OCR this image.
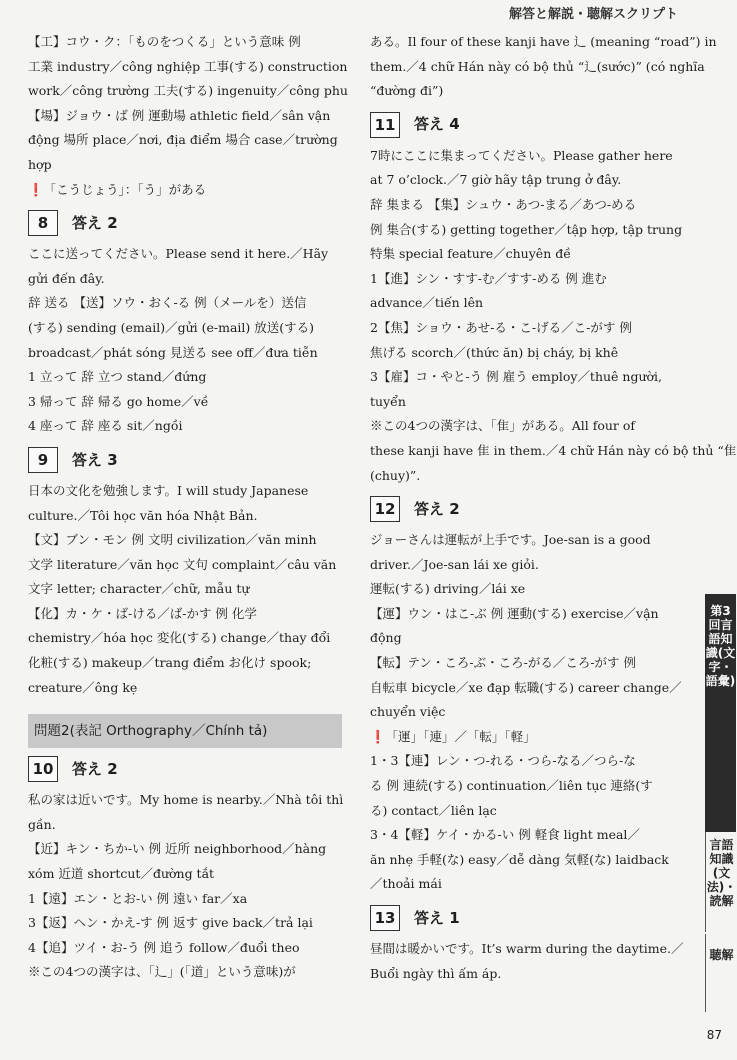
解答と解説・聴解スクリプト
【工】コウ・ク：「ものをつくる」という意味 例
工業 industry／công nghiệp 工事(する) construction
work／công trường 工夫(する) ingenuity／công phu
【場】ジョウ・ば 例 運動場 athletic field／sân vận
động 場所 place／nơi, địa điểm 場合 case／trường
hợp
❗「こうじょう」：「う」がある
8	答え 2
ここに送ってください。Please send it here.／Hãy
gửi đến đây.
辞 送る 【送】ソウ・おく-る 例（メールを）送信
(する) sending (email)／gửi (e-mail) 放送(する)
broadcast／phát sóng 見送る see off／đưa tiễn
1 立って 辞 立つ stand／đứng
3 帰って 辞 帰る go home／về
4 座って 辞 座る sit／ngồi
9	答え 3
日本の文化を勉強します。I will study Japanese
culture.／Tôi học văn hóa Nhật Bản.
【文】ブン・モン 例 文明 civilization／văn minh
文学 literature／văn học 文句 complaint／câu văn
文字 letter; character／chữ, mẫu tự
【化】カ・ケ・ば-ける／ば-かす 例 化学
chemistry／hóa học 変化(する) change／thay đổi
化粧(する) makeup／trang điểm お化け spook;
creature／ông kẹ
問題2(表記 Orthography／Chính tả)
10	答え 2
私の家は近いです。My home is nearby.／Nhà tôi thì
gần.
【近】キン・ちか-い 例 近所 neighborhood／hàng
xóm 近道 shortcut／đường tắt
1【遠】エン・とお-い 例 遠い far／xa
3【返】ヘン・かえ-す 例 返す give back／trả lại
4【追】ツイ・お-う 例 追う follow／đuổi theo
※この4つの漢字は、「辶」(「道」という意味)が
ある。Il four of these kanji have 辶 (meaning “road”) in
them.／4 chữ Hán này có bộ thủ “辶(sước)” (có nghĩa
“đường đi”)
11	答え 4
7時にここに集まってください。Please gather here
at 7 o’clock.／7 giờ hãy tập trung ở đây.
辞 集まる 【集】シュウ・あつ-まる／あつ-める
例 集合(する) getting together／tập hợp, tập trung
特集 special feature／chuyên đề
1【進】シン・すす-む／すす-める 例 進む
advance／tiến lên
2【焦】ショウ・あせ-る・こ-げる／こ-がす 例
焦げる scorch／(thức ăn) bị cháy, bị khê
3【雇】コ・やと-う 例 雇う employ／thuê người,
tuyển
※この4つの漢字は、「隹」がある。All four of
these kanji have 隹 in them.／4 chữ Hán này có bộ thủ “隹
(chuy)”.
12	答え 2
ジョーさんは運転が上手です。Joe-san is a good
driver.／Joe-san lái xe giỏi.
運転(する) driving／lái xe
【運】ウン・はこ-ぶ 例 運動(する) exercise／vận
động
【転】テン・ころ-ぶ・ころ-がる／ころ-がす 例
自転車 bicycle／xe đạp 転職(する) career change／
chuyển việc
❗「運」「連」／「転」「軽」
1・3【連】レン・つ-れる・つら-なる／つら-な
る 例 連続(する) continuation／liên tục 連絡(す
る) contact／liên lạc
3・4【軽】ケイ・かる-い 例 軽食 light meal／
ăn nhẹ 手軽(な) easy／dễ dàng 気軽(な) laidback
／thoải mái
13	答え 1
昼間は暖かいです。It’s warm during the daytime.／
Buổi ngày thì ấm áp.
第3回言語知識(文字・語彙)
言語知識(文法)・読解
聴解
87
